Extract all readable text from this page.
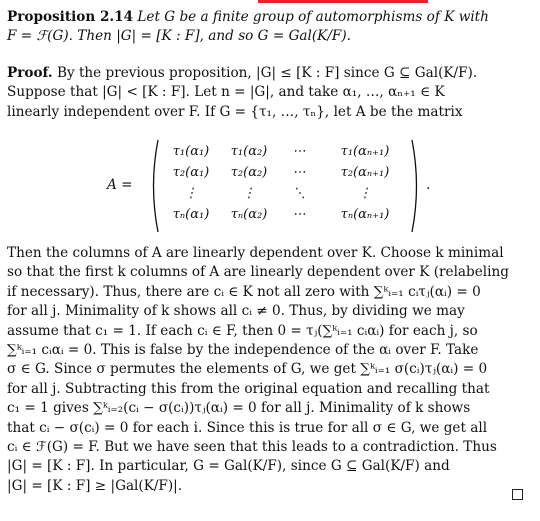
Proposition 2.14 Let G be a finite group of automorphisms of K with
F = ℱ(G). Then |G| = [K : F], and so G = Gal(K/F).
Proof. By the previous proposition, |G| ≤ [K : F] since G ⊆ Gal(K/F).
Suppose that |G| < [K : F]. Let n = |G|, and take α₁, …, αₙ₊₁ ∈ K
linearly independent over F. If G = {τ₁, …, τₙ}, let A be the matrix
A =
τ₁(α₁)	τ₁(α₂)	⋯	τ₁(αₙ₊₁)
τ₂(α₁)	τ₂(α₂)	⋯	τ₂(αₙ₊₁)
⋮	⋮	⋱	⋮
τₙ(α₁)	τₙ(α₂)	⋯	τₙ(αₙ₊₁)
.
Then the columns of A are linearly dependent over K. Choose k minimal
so that the first k columns of A are linearly dependent over K (relabeling
if necessary). Thus, there are cᵢ ∈ K not all zero with ∑ᵏᵢ₌₁ cᵢτⱼ(αᵢ) = 0
for all j. Minimality of k shows all cᵢ ≠ 0. Thus, by dividing we may
assume that c₁ = 1. If each cᵢ ∈ F, then 0 = τⱼ(∑ᵏᵢ₌₁ cᵢαᵢ) for each j, so
∑ᵏᵢ₌₁ cᵢαᵢ = 0. This is false by the independence of the αᵢ over F. Take
σ ∈ G. Since σ permutes the elements of G, we get ∑ᵏᵢ₌₁ σ(cᵢ)τⱼ(αᵢ) = 0
for all j. Subtracting this from the original equation and recalling that
c₁ = 1 gives ∑ᵏᵢ₌₂(cᵢ − σ(cᵢ))τⱼ(αᵢ) = 0 for all j. Minimality of k shows
that cᵢ − σ(cᵢ) = 0 for each i. Since this is true for all σ ∈ G, we get all
cᵢ ∈ ℱ(G) = F. But we have seen that this leads to a contradiction. Thus
|G| = [K : F]. In particular, G = Gal(K/F), since G ⊆ Gal(K/F) and
|G| = [K : F] ≥ |Gal(K/F)|.
